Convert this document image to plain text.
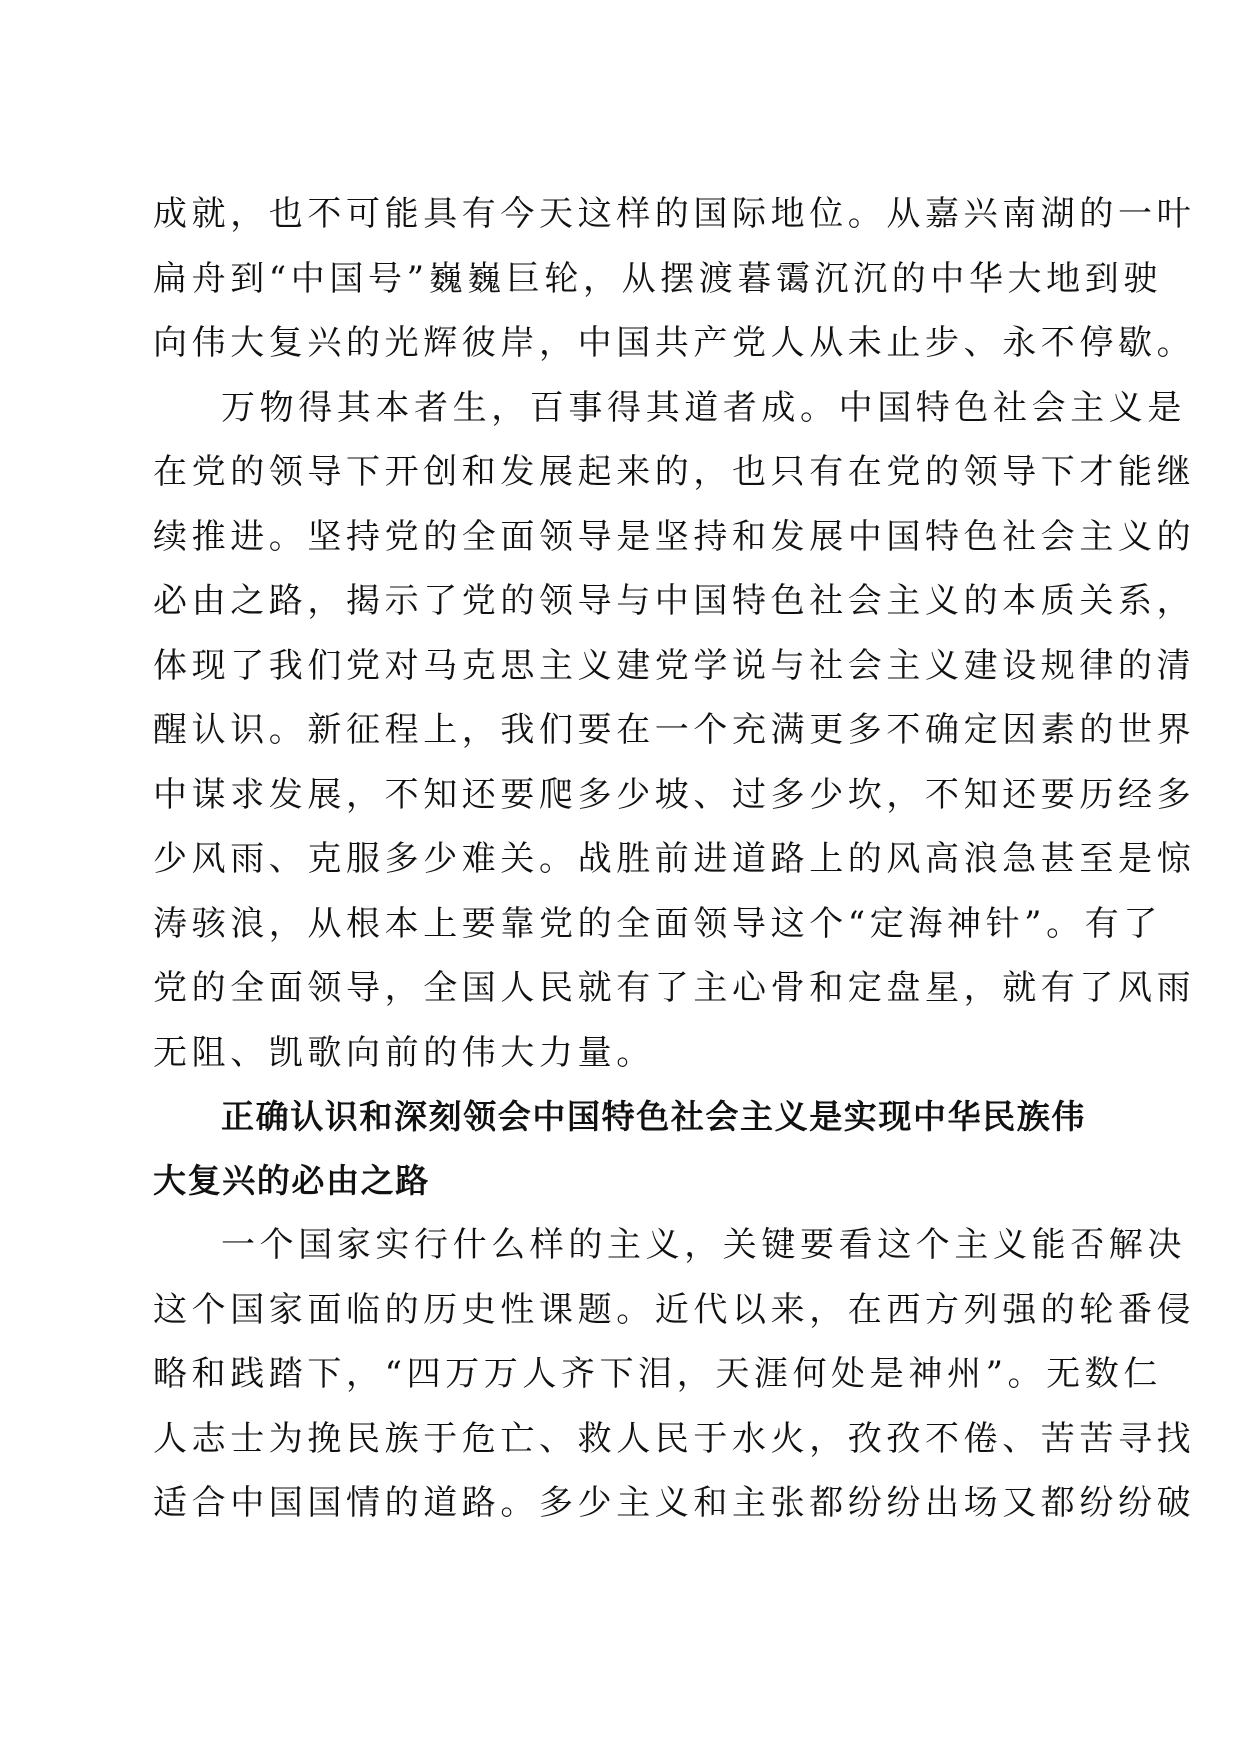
成就，也不可能具有今天这样的国际地位。从嘉兴南湖的一叶
扁舟到“中国号”巍巍巨轮，从摆渡暮霭沉沉的中华大地到驶
向伟大复兴的光辉彼岸，中国共产党人从未止步、永不停歇。
万物得其本者生，百事得其道者成。中国特色社会主义是
在党的领导下开创和发展起来的，也只有在党的领导下才能继
续推进。坚持党的全面领导是坚持和发展中国特色社会主义的
必由之路，揭示了党的领导与中国特色社会主义的本质关系，
体现了我们党对马克思主义建党学说与社会主义建设规律的清
醒认识。新征程上，我们要在一个充满更多不确定因素的世界
中谋求发展，不知还要爬多少坡、过多少坎，不知还要历经多
少风雨、克服多少难关。战胜前进道路上的风高浪急甚至是惊
涛骇浪，从根本上要靠党的全面领导这个“定海神针”。有了
党的全面领导，全国人民就有了主心骨和定盘星，就有了风雨
无阻、凯歌向前的伟大力量。
正确认识和深刻领会中国特色社会主义是实现中华民族伟
大复兴的必由之路
一个国家实行什么样的主义，关键要看这个主义能否解决
这个国家面临的历史性课题。近代以来，在西方列强的轮番侵
略和践踏下，“四万万人齐下泪，天涯何处是神州”。无数仁
人志士为挽民族于危亡、救人民于水火，孜孜不倦、苦苦寻找
适合中国国情的道路。多少主义和主张都纷纷出场又都纷纷破
